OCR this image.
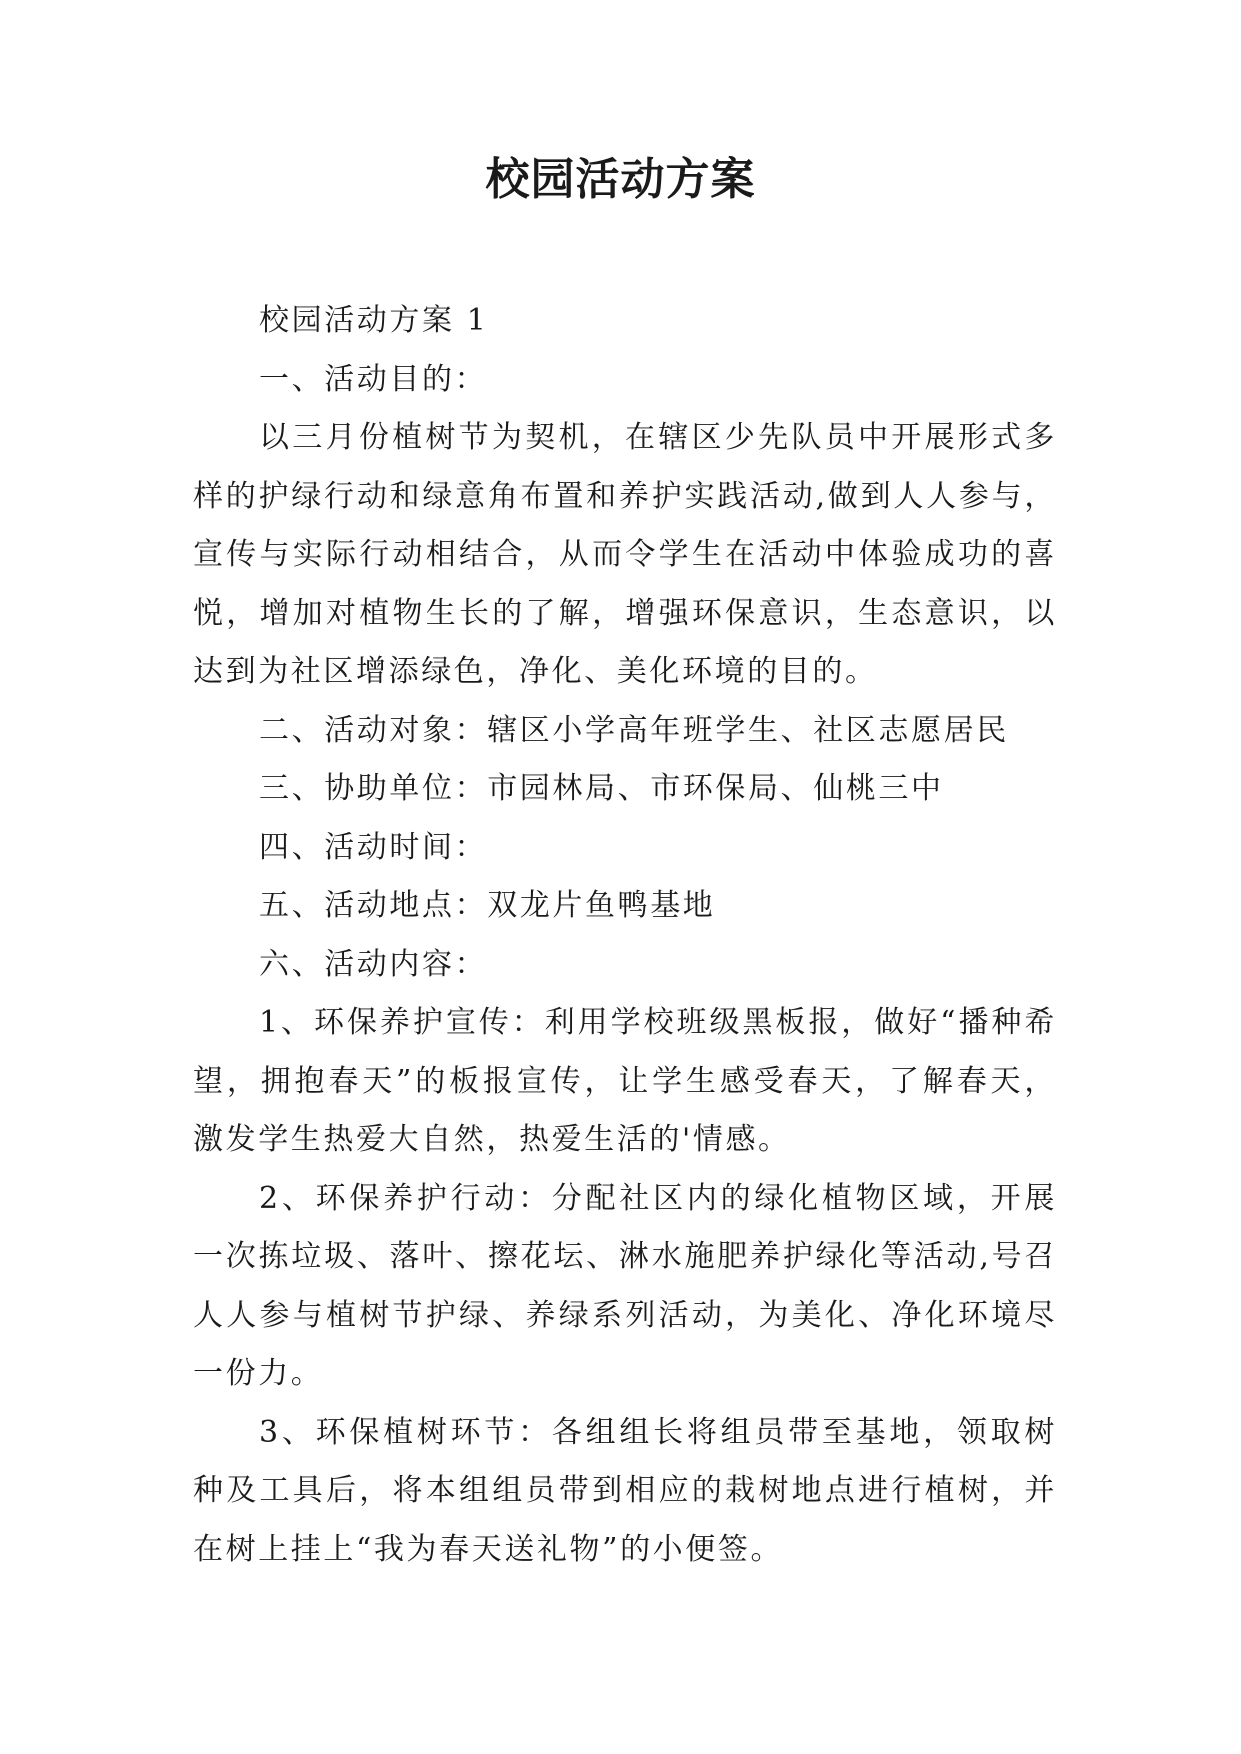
校园活动方案

校园活动方案 1

一、活动目的：

以三月份植树节为契机，在辖区少先队员中开展形式多样的护绿行动和绿意角布置和养护实践活动,做到人人参与，宣传与实际行动相结合，从而令学生在活动中体验成功的喜悦，增加对植物生长的了解，增强环保意识，生态意识，以达到为社区增添绿色，净化、美化环境的目的。

二、活动对象：辖区小学高年班学生、社区志愿居民

三、协助单位：市园林局、市环保局、仙桃三中

四、活动时间：

五、活动地点：双龙片鱼鸭基地

六、活动内容：

1、环保养护宣传：利用学校班级黑板报，做好“播种希望，拥抱春天”的板报宣传，让学生感受春天，了解春天，激发学生热爱大自然，热爱生活的'情感。

2、环保养护行动：分配社区内的绿化植物区域，开展一次拣垃圾、落叶、擦花坛、淋水施肥养护绿化等活动,号召人人参与植树节护绿、养绿系列活动，为美化、净化环境尽一份力。

3、环保植树环节：各组组长将组员带至基地，领取树种及工具后，将本组组员带到相应的栽树地点进行植树，并在树上挂上“我为春天送礼物”的小便签。
